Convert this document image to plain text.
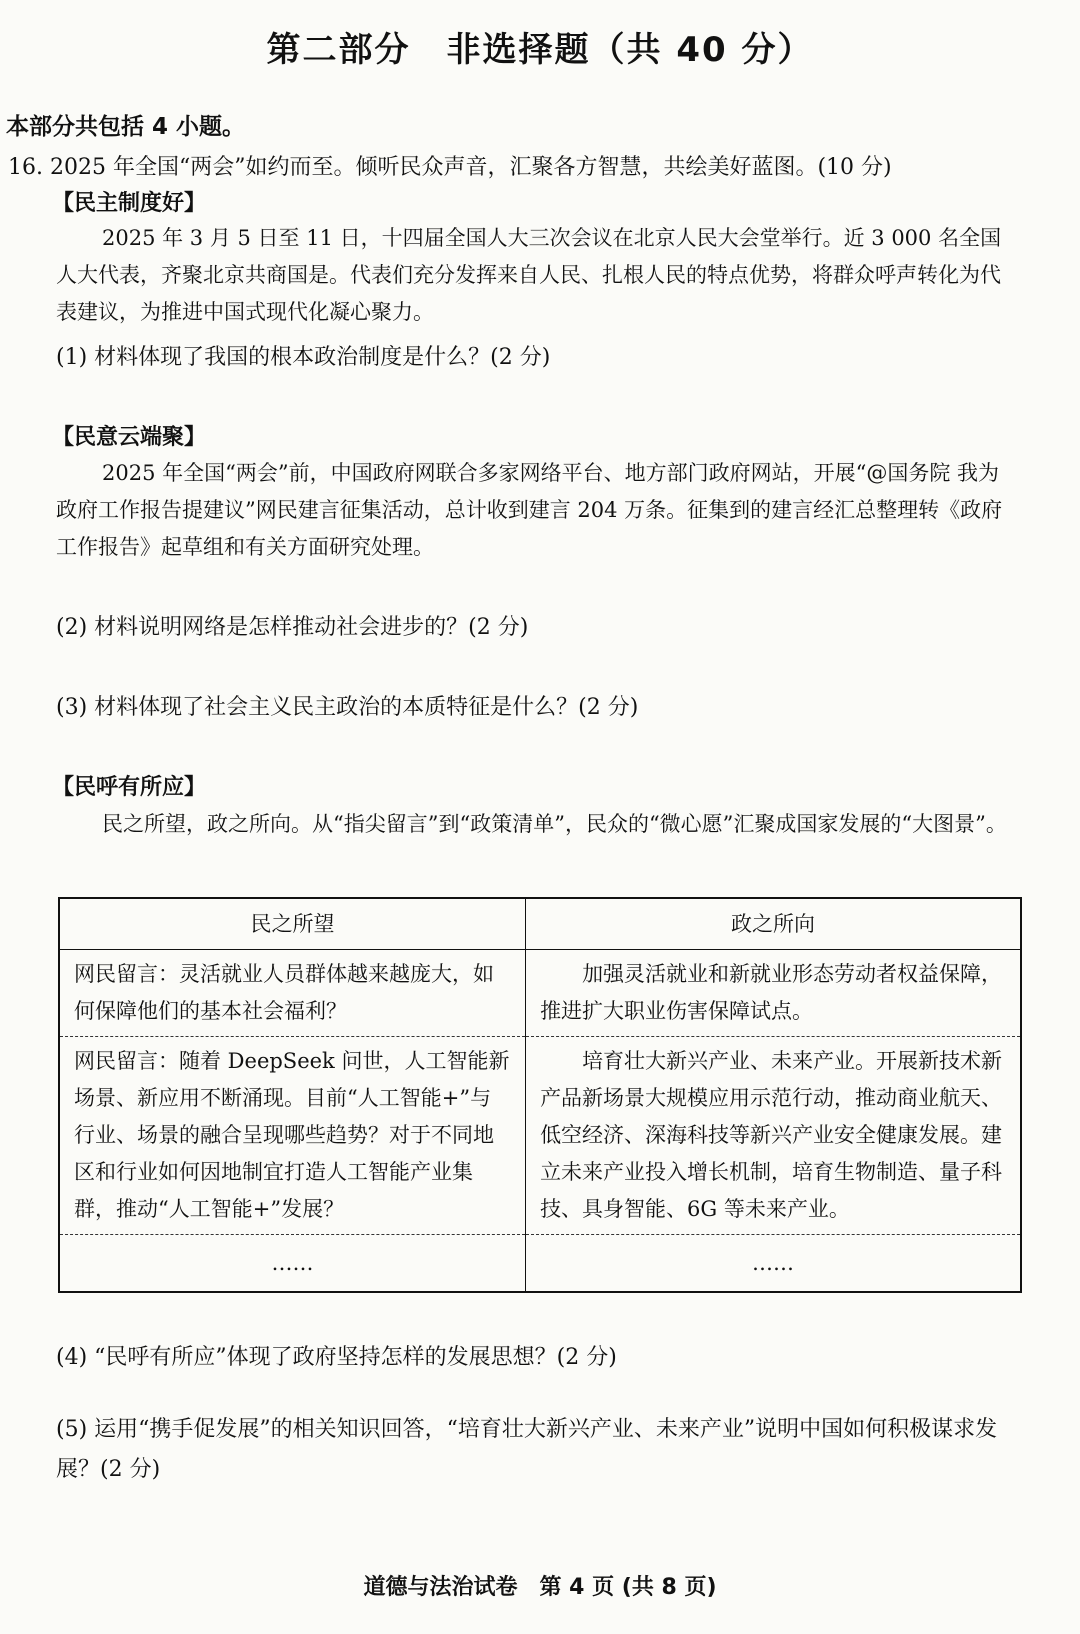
第二部分　非选择题（共 40 分）
本部分共包括 4 小题。
16. 2025 年全国“两会”如约而至。倾听民众声音，汇聚各方智慧，共绘美好蓝图。(10 分)
【民主制度好】
2025 年 3 月 5 日至 11 日，十四届全国人大三次会议在北京人民大会堂举行。近 3 000 名全国人大代表，齐聚北京共商国是。代表们充分发挥来自人民、扎根人民的特点优势，将群众呼声转化为代表建议，为推进中国式现代化凝心聚力。
(1) 材料体现了我国的根本政治制度是什么？(2 分)
【民意云端聚】
2025 年全国“两会”前，中国政府网联合多家网络平台、地方部门政府网站，开展“@国务院 我为政府工作报告提建议”网民建言征集活动，总计收到建言 204 万条。征集到的建言经汇总整理转《政府工作报告》起草组和有关方面研究处理。
(2) 材料说明网络是怎样推动社会进步的？(2 分)
(3) 材料体现了社会主义民主政治的本质特征是什么？(2 分)
【民呼有所应】
民之所望，政之所向。从“指尖留言”到“政策清单”，民众的“微心愿”汇聚成国家发展的“大图景”。
民之所望	政之所向
网民留言：灵活就业人员群体越来越庞大，如何保障他们的基本社会福利？	加强灵活就业和新就业形态劳动者权益保障，推进扩大职业伤害保障试点。
网民留言：随着 DeepSeek 问世，人工智能新场景、新应用不断涌现。目前“人工智能+”与行业、场景的融合呈现哪些趋势？对于不同地区和行业如何因地制宜打造人工智能产业集群，推动“人工智能+”发展？	培育壮大新兴产业、未来产业。开展新技术新产品新场景大规模应用示范行动，推动商业航天、低空经济、深海科技等新兴产业安全健康发展。建立未来产业投入增长机制，培育生物制造、量子科技、具身智能、6G 等未来产业。
……	……
(4) “民呼有所应”体现了政府坚持怎样的发展思想？(2 分)
(5) 运用“携手促发展”的相关知识回答，“培育壮大新兴产业、未来产业”说明中国如何积极谋求发展？(2 分)
道德与法治试卷　第 4 页 (共 8 页)
